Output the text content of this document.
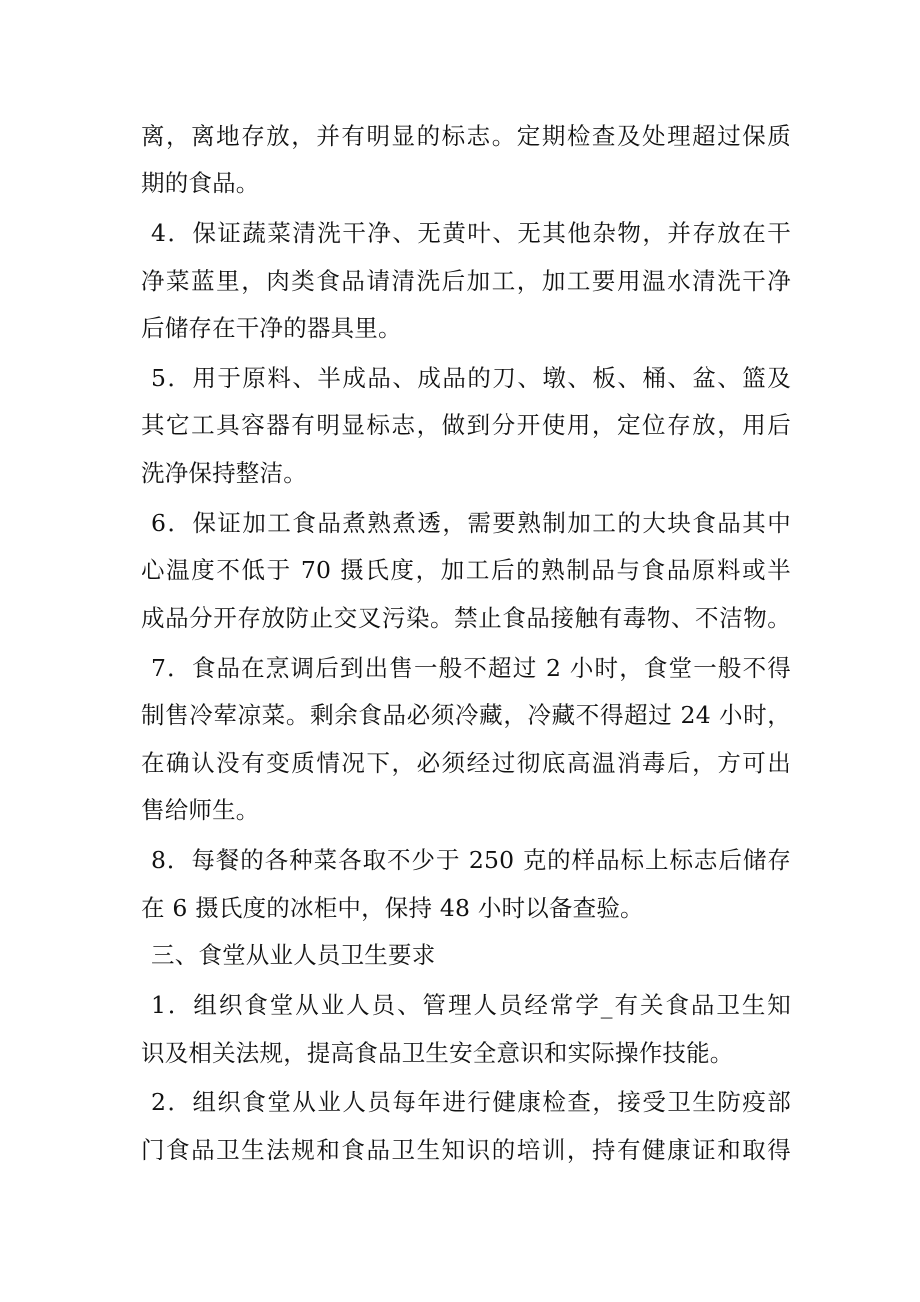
离，离地存放，并有明显的标志。定期检查及处理超过保质
期的食品。
4．保证蔬菜清洗干净、无黄叶、无其他杂物，并存放在干
净菜蓝里，肉类食品请清洗后加工，加工要用温水清洗干净
后储存在干净的器具里。
5．用于原料、半成品、成品的刀、墩、板、桶、盆、篮及
其它工具容器有明显标志，做到分开使用，定位存放，用后
洗净保持整洁。
6．保证加工食品煮熟煮透，需要熟制加工的大块食品其中
心温度不低于 70 摄氏度，加工后的熟制品与食品原料或半
成品分开存放防止交叉污染。禁止食品接触有毒物、不洁物。
7．食品在烹调后到出售一般不超过 2 小时，食堂一般不得
制售冷荤凉菜。剩余食品必须冷藏，冷藏不得超过 24 小时，
在确认没有变质情况下，必须经过彻底高温消毒后，方可出
售给师生。
8．每餐的各种菜各取不少于 250 克的样品标上标志后储存
在 6 摄氏度的冰柜中，保持 48 小时以备查验。
三、食堂从业人员卫生要求
1．组织食堂从业人员、管理人员经常学_有关食品卫生知
识及相关法规，提高食品卫生安全意识和实际操作技能。
2．组织食堂从业人员每年进行健康检查，接受卫生防疫部
门食品卫生法规和食品卫生知识的培训，持有健康证和取得
